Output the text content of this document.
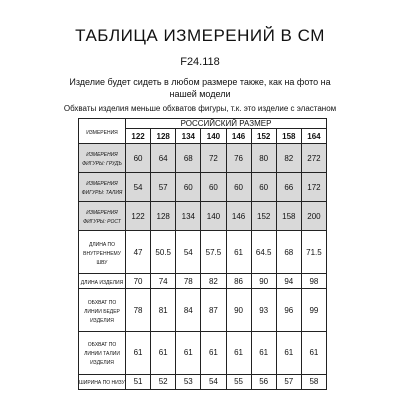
ТАБЛИЦА ИЗМЕРЕНИЙ В СМ
F24.118
Изделие будет сидеть в любом размере также, как на фото на
нашей модели
Обхваты изделия меньше обхватов фигуры, т.к. это изделие с эластаном
ИЗМЕРЕНИЯ	РОССИЙСКИЙ РАЗМЕР							
	122	128	134	140	146	152	158	164
ИЗМЕРЕНИЯ ФИГУРЫ: ГРУДЬ	60	64	68	72	76	80	82	272
ИЗМЕРЕНИЯ ФИГУРЫ: ТАЛИЯ	54	57	60	60	60	60	66	172
ИЗМЕРЕНИЯ ФИГУРЫ: РОСТ	122	128	134	140	146	152	158	200
ДЛИНА ПО ВНУТРЕННЕМУ ШВУ	47	50.5	54	57.5	61	64.5	68	71.5
ДЛИНА ИЗДЕЛИЯ	70	74	78	82	86	90	94	98
ОБХВАТ ПО ЛИНИИ БЕДЕР ИЗДЕЛИЯ	78	81	84	87	90	93	96	99
ОБХВАТ ПО ЛИНИИ ТАЛИИ ИЗДЕЛИЯ	61	61	61	61	61	61	61	61
ШИРИНА ПО НИЗУ	51	52	53	54	55	56	57	58
